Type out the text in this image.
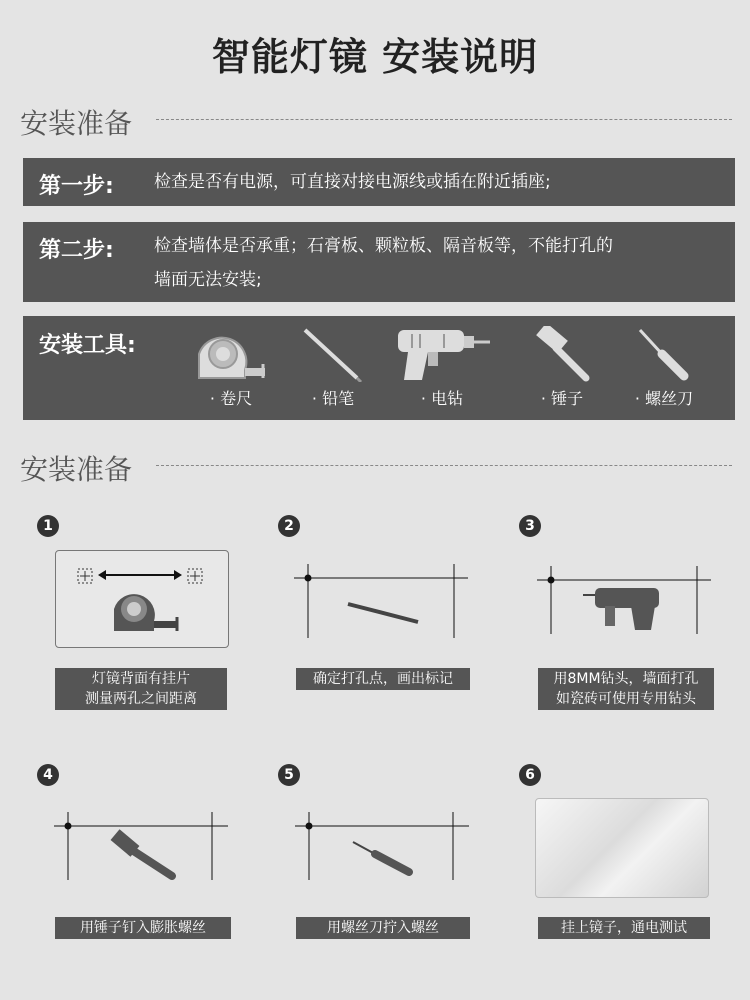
智能灯镜 安装说明
安装准备
第一步: 检查是否有电源，可直接对接电源线或插在附近插座;
第二步: 检查墙体是否承重；石膏板、颗粒板、隔音板等，不能打孔的
墙面无法安装;
安装工具:
· 卷尺	· 铅笔	· 电钻	· 锤子	· 螺丝刀
安装准备
1
灯镜背面有挂片
测量两孔之间距离
2
确定打孔点，画出标记
3
用8MM钻头，墙面打孔
如瓷砖可使用专用钻头
4
用锤子钉入膨胀螺丝
5
用螺丝刀拧入螺丝
6
挂上镜子，通电测试
